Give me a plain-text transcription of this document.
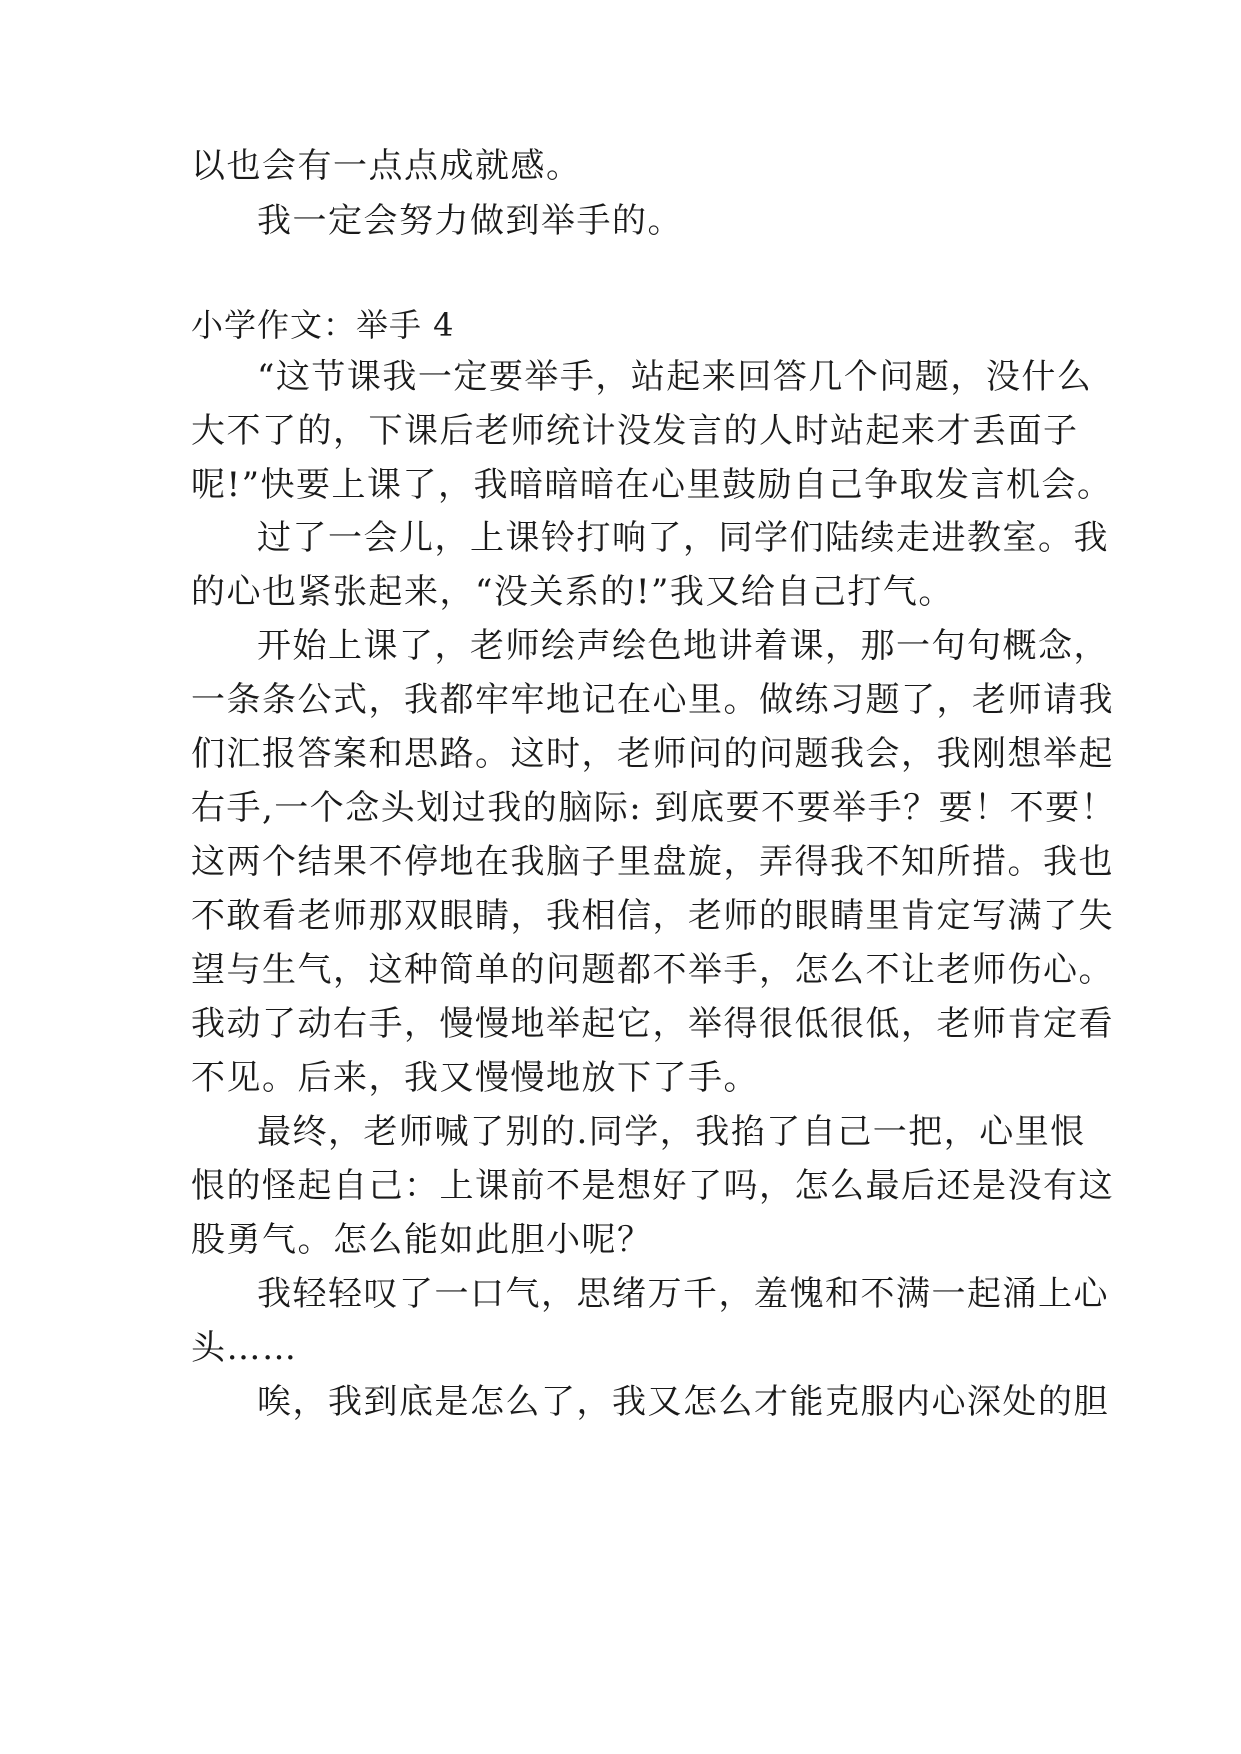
以也会有一点点成就感。
我一定会努力做到举手的。
小学作文：举手 4
“这节课我一定要举手，站起来回答几个问题，没什么
大不了的，下课后老师统计没发言的人时站起来才丢面子
呢!”快要上课了，我暗暗暗在心里鼓励自己争取发言机会。
过了一会儿，上课铃打响了，同学们陆续走进教室。我
的心也紧张起来，“没关系的!”我又给自己打气。
开始上课了，老师绘声绘色地讲着课，那一句句概念，
一条条公式，我都牢牢地记在心里。做练习题了，老师请我
们汇报答案和思路。这时，老师问的问题我会，我刚想举起
右手,一个念头划过我的脑际: 到底要不要举手？要！不要！
这两个结果不停地在我脑子里盘旋，弄得我不知所措。我也
不敢看老师那双眼睛，我相信，老师的眼睛里肯定写满了失
望与生气，这种简单的问题都不举手，怎么不让老师伤心。
我动了动右手，慢慢地举起它，举得很低很低，老师肯定看
不见。后来，我又慢慢地放下了手。
最终，老师喊了别的.同学，我掐了自己一把，心里恨
恨的怪起自己：上课前不是想好了吗，怎么最后还是没有这
股勇气。怎么能如此胆小呢？
我轻轻叹了一口气，思绪万千，羞愧和不满一起涌上心
头……
唉，我到底是怎么了，我又怎么才能克服内心深处的胆
